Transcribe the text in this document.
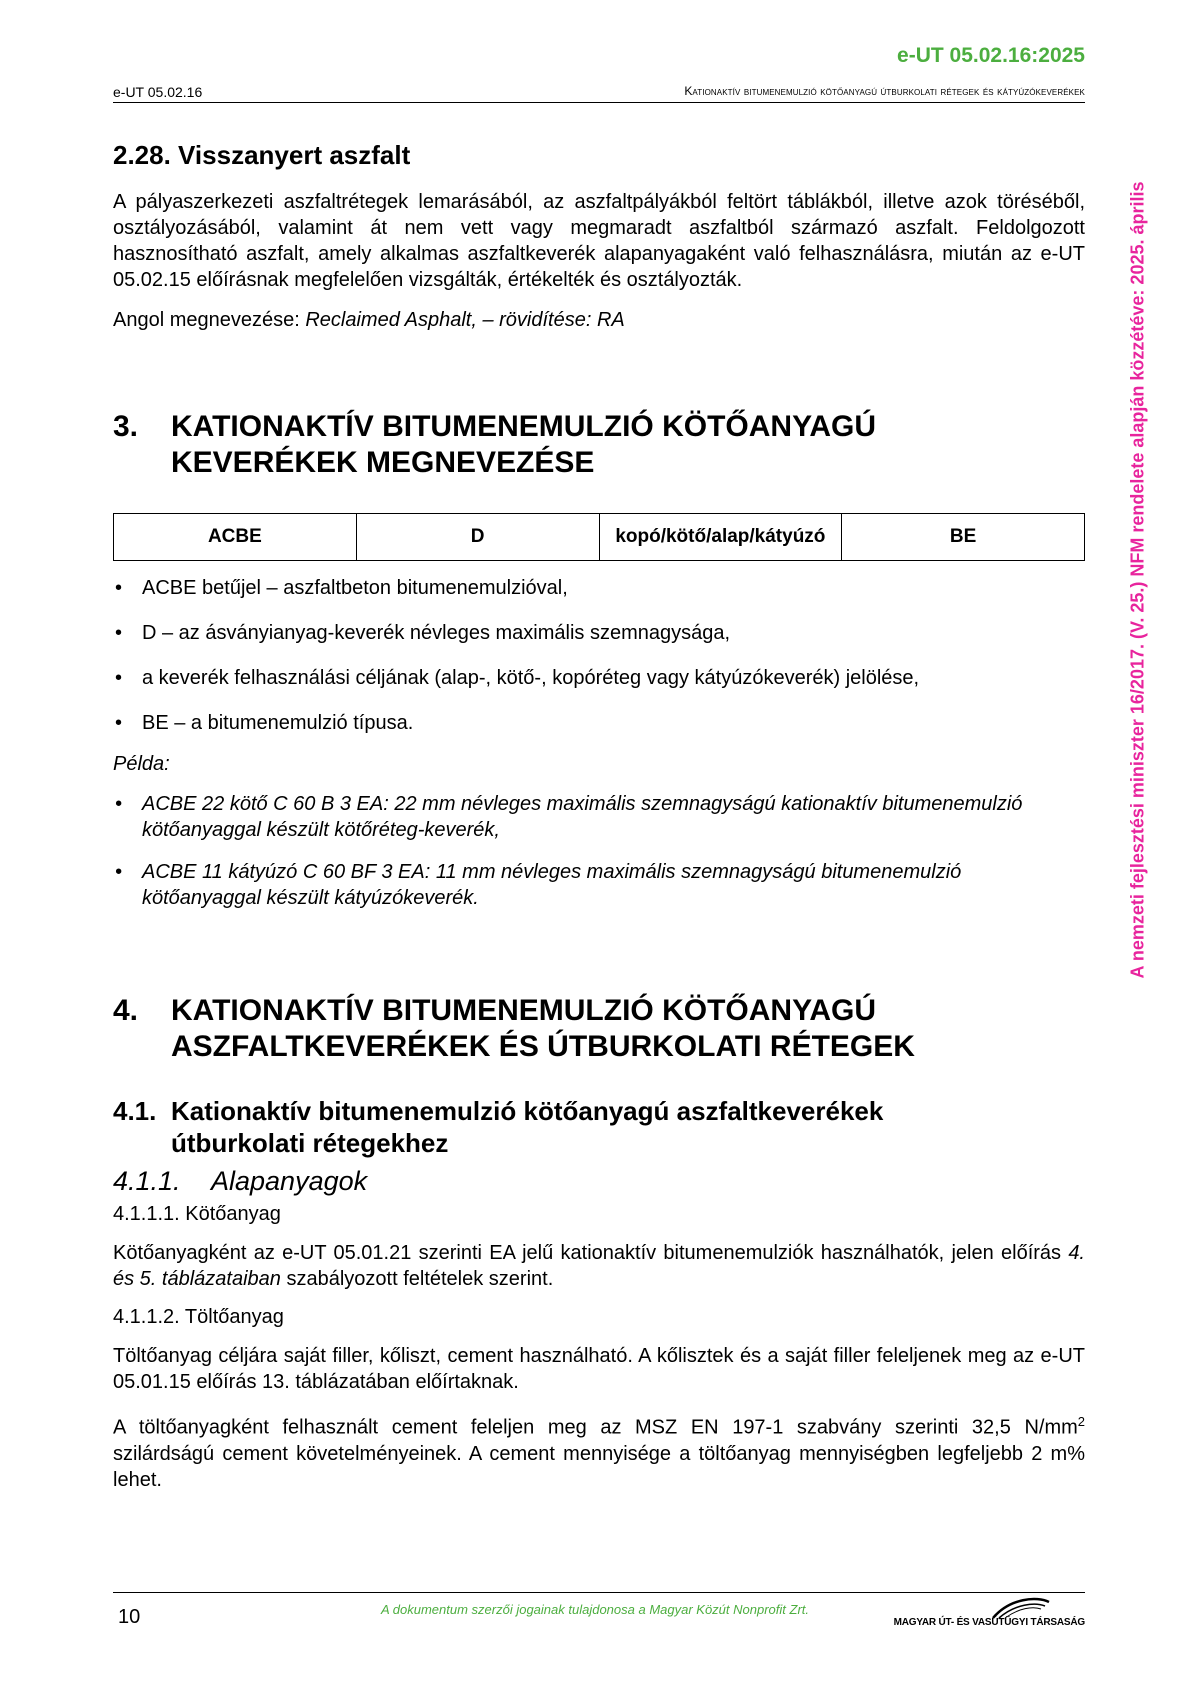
e-UT 05.02.16:2025
e-UT 05.02.16	Kationaktív bitumenemulzió kötőanyagú útburkolati rétegek és kátyúzókeverékek
A nemzeti fejlesztési miniszter 16/2017. (V. 25.) NFM rendelete alapján közzétéve: 2025. április
2.28. Visszanyert aszfalt

A pályaszerkezeti aszfaltrétegek lemarásából, az aszfaltpályákból feltört táblákból, illetve azok töréséből, osztályozásából, valamint át nem vett vagy megmaradt aszfaltból származó aszfalt. Feldolgozott hasznosítható aszfalt, amely alkalmas aszfaltkeverék alapanyagaként való felhasználásra, miután az e-UT 05.02.15 előírásnak megfelelően vizsgálták, értékelték és osztályozták.

Angol megnevezése: Reclaimed Asphalt, – rövidítése: RA

3.	KATIONAKTÍV BITUMENEMULZIÓ KÖTŐANYAGÚ
KEVERÉKEK MEGNEVEZÉSE
ACBE	D	kopó/kötő/alap/kátyúzó	BE
• ACBE betűjel – aszfaltbeton bitumenemulzióval,
• D – az ásványianyag-keverék névleges maximális szemnagysága,
• a keverék felhasználási céljának (alap-, kötő-, kopóréteg vagy kátyúzókeverék) jelölése,
• BE – a bitumenemulzió típusa.

Példa:

• ACBE 22 kötő C 60 B 3 EA: 22 mm névleges maximális szemnagyságú kationaktív bitumenemulzió kötőanyaggal készült kötőréteg-keverék,
• ACBE 11 kátyúzó C 60 BF 3 EA: 11 mm névleges maximális szemnagyságú bitumenemulzió kötőanyaggal készült kátyúzókeverék.
4.	KATIONAKTÍV BITUMENEMULZIÓ KÖTŐANYAGÚ
ASZFALTKEVERÉKEK ÉS ÚTBURKOLATI RÉTEGEK
4.1. Kationaktív bitumenemulzió kötőanyagú aszfaltkeverékek
útburkolati rétegekhez
4.1.1.	Alapanyagok
4.1.1.1. Kötőanyag

Kötőanyagként az e-UT 05.01.21 szerinti EA jelű kationaktív bitumenemulziók használhatók, jelen előírás 4. és 5. táblázataiban szabályozott feltételek szerint.

4.1.1.2. Töltőanyag

Töltőanyag céljára saját filler, kőliszt, cement használható. A kőlisztek és a saját filler feleljenek meg az e-UT 05.01.15 előírás 13. táblázatában előírtaknak.

A töltőanyagként felhasznált cement feleljen meg az MSZ EN 197-1 szabvány szerinti 32,5 $N/mm^2$ szilárdságú cement követelményeinek. A cement mennyisége a töltőanyag mennyiségben legfeljebb 2 m% lehet.

10	A dokumentum szerzői jogainak tulajdonosa a Magyar Közút Nonprofit Zrt.
MAGYAR ÚT- ÉS VASÚTÜGYI TÁRSASÁG
